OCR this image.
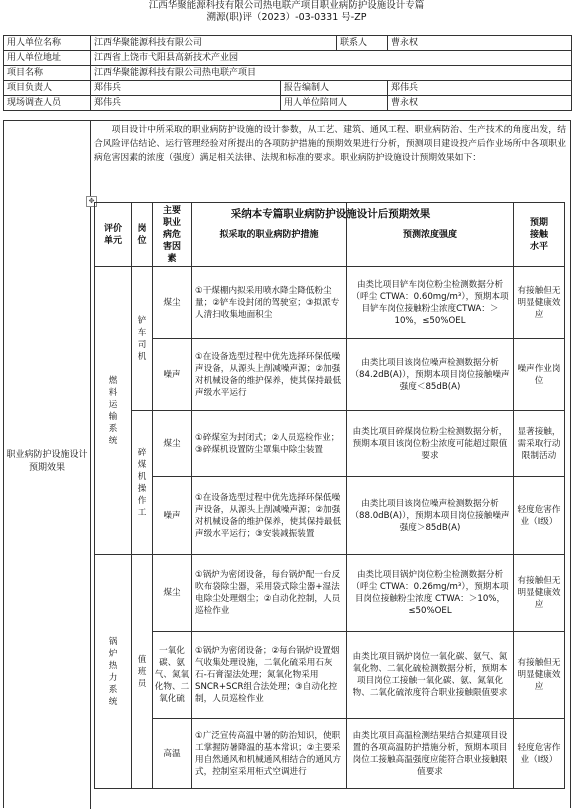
江西华聚能源科技有限公司热电联产项目职业病防护设施设计专篇
溯源(职)评（2023）-03-0331 号-ZP
用人单位名称	江西华聚能源科技有限公司		联系人	曹永权
用人单位地址	江西省上饶市弋阳县高新技术产业园			
项目名称	江西华聚能源科技有限公司热电联产项目			
项目负责人	郑伟兵	报告编制人		郑伟兵
现场调查人员	郑伟兵	用人单位陪同人		曹永权
职业病防护设施设计预期效果
项目设计中所采取的职业病防护设施的设计参数，从工艺、建筑、通风工程、职业病防治、生产技术的角度出发，结合风险评估结论、运行管理经验对所提出的各项防护措施的预期效果进行分析，预测项目建设投产后作业场所中各项职业病危害因素的浓度（强度）满足相关法律、法规和标准的要求。职业病防护设施设计预期效果如下：
✥
采纳本专篇职业病防护设施设计后预期效果
评价单元	岗位	主要职业病危害因素	拟采取的职业病防护措施	预测浓度强度	预期接触水平

燃料运输系统	铲车司机	煤尘	①干煤棚内拟采用喷水降尘降低粉尘量；②铲车设封闭的驾驶室；③拟派专人清扫收集地面积尘	由类比项目铲车岗位粉尘检测数据分析（呼尘 CTWA：0.60mg/m³），预期本项目铲车岗位接触粉尘浓度CTWA：＞10%，≤50%OEL	有接触但无明显健康效应
		噪声	①在设备选型过程中优先选择环保低噪声设备，从源头上削减噪声源；②加强对机械设备的维护保养，使其保持最低声级水平运行	由类比项目该岗位噪声检测数据分析（84.2dB(A)），预期本项目岗位接触噪声强度＜85dB(A)	噪声作业岗位

	碎煤机操作工	煤尘	①碎煤室为封闭式；②人员巡检作业；③碎煤机设置防尘罩集中除尘装置	由类比项目碎煤岗位粉尘检测数据分析，预期本项目该岗位粉尘浓度可能超过限值要求	显著接触，需采取行动限制活动
		噪声	①在设备选型过程中优先选择环保低噪声设备，从源头上削减噪声源；②加强对机械设备的维护保养，使其保持最低声级水平运行；③安装减振装置	由类比项目该岗位噪声检测数据分析（88.0dB(A)），预期本项目岗位接触噪声强度＞85dB(A)	轻度危害作业（Ⅰ级）

锅炉热力系统	值班员	煤尘	①锅炉为密闭设备，每台锅炉配一台反吹布袋除尘器，采用袋式除尘器+湿法电除尘处理烟尘；②自动化控制，人员巡检作业	由类比项目锅炉岗位粉尘检测数据分析（呼尘 CTWA：0.26mg/m³），预期本项目岗位接触粉尘浓度 CTWA：＞10%，≤50%OEL	有接触但无明显健康效应
		一氧化碳、氨气、氮氧化物、二氧化硫	①锅炉为密闭设备；②每台锅炉设置烟气收集处理设施，二氧化硫采用石灰石-石膏湿法处理；氮氧化物采用SNCR+SCR组合法处理；③自动化控制，人员巡检作业	由类比项目锅炉岗位一氧化碳、氨气、氮氧化物、二氧化硫检测数据分析，预期本项目岗位工接触一氧化碳、氨、氮氧化物、二氧化硫浓度符合职业接触限值要求	有接触但无明显健康效应
		高温	①广泛宣传高温中暑的防治知识，使职工掌握防暑降温的基本常识；②主要采用自然通风和机械通风相结合的通风方式，控制室采用柜式空调进行	由类比项目高温检测结果结合拟建项目设置的各项高温防护措施分析，预期本项目岗位工接触高温强度应能符合职业接触限值要求	轻度危害作业（Ⅰ级）
